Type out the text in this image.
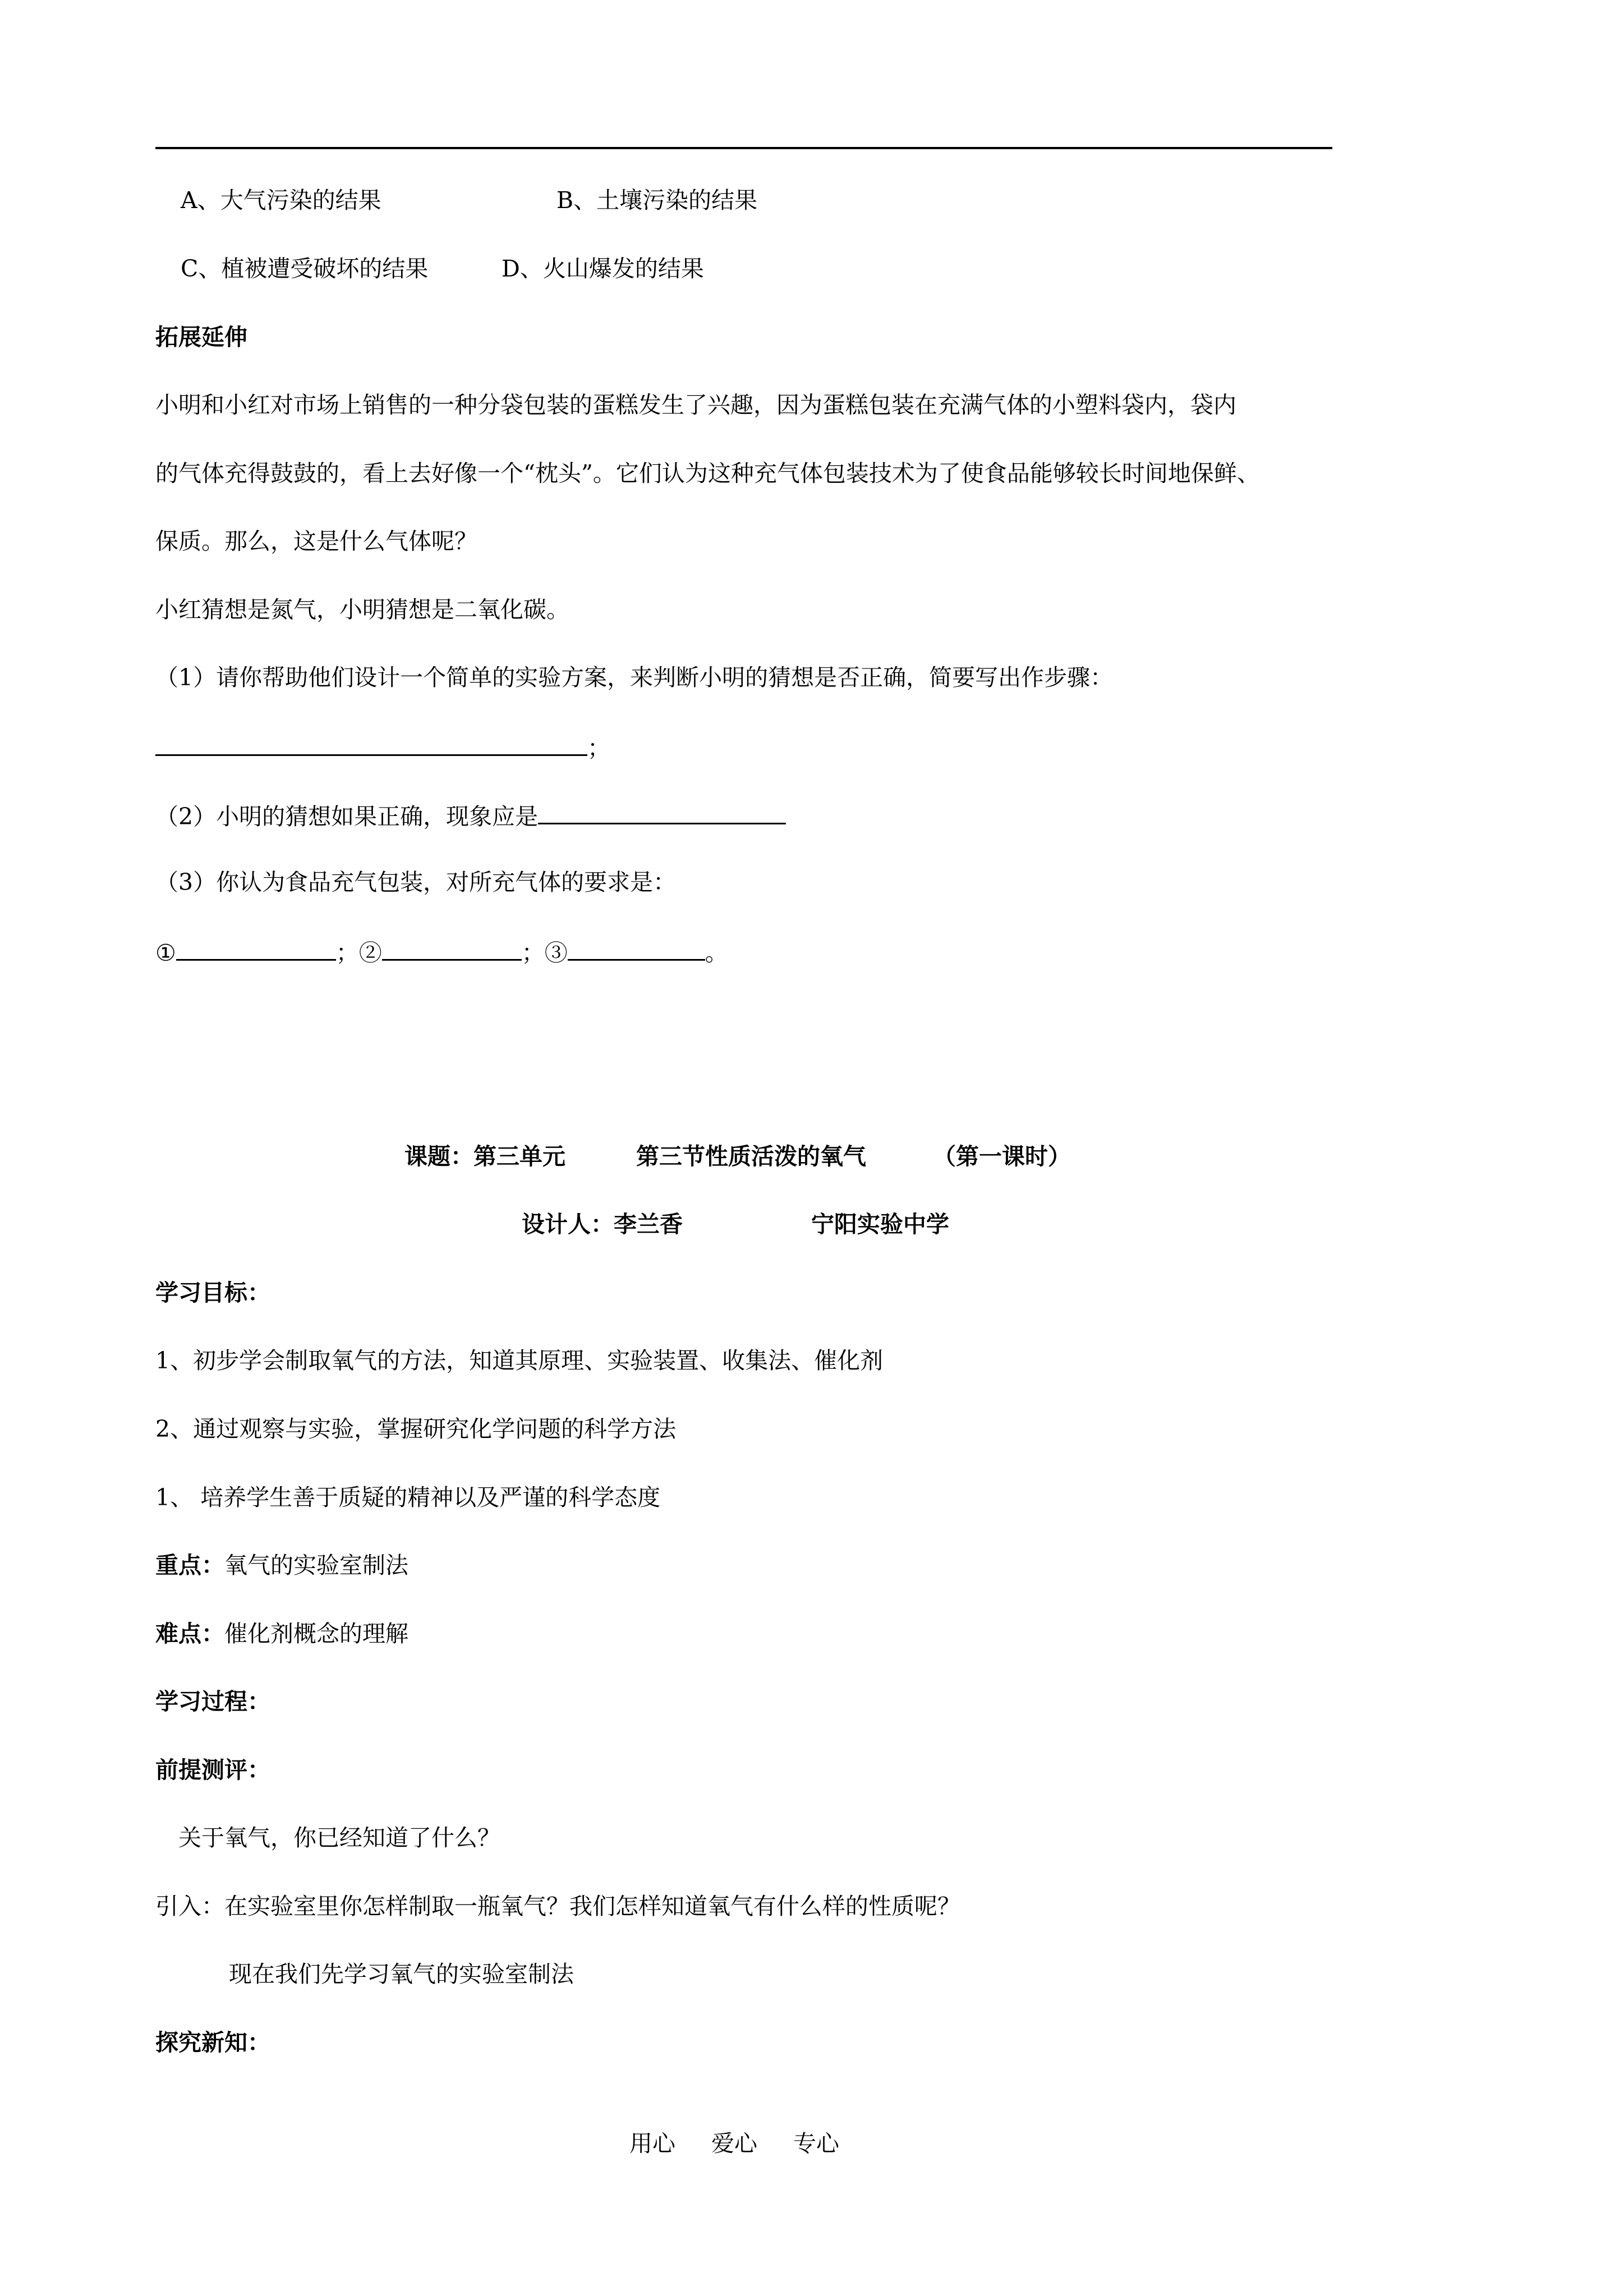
A、大气污染的结果	B、土壤污染的结果
C、植被遭受破坏的结果	D、火山爆发的结果
拓展延伸
小明和小红对市场上销售的一种分袋包装的蛋糕发生了兴趣，因为蛋糕包装在充满气体的小塑料袋内，袋内
的气体充得鼓鼓的，看上去好像一个“枕头”。它们认为这种充气体包装技术为了使食品能够较长时间地保鲜、
保质。那么，这是什么气体呢？
小红猜想是氮气，小明猜想是二氧化碳。
（1）请你帮助他们设计一个简单的实验方案，来判断小明的猜想是否正确，简要写出作步骤：
；
（2）小明的猜想如果正确，现象应是
（3）你认为食品充气包装，对所充气体的要求是：
①	；②	；③	。
课题：第三单元	第三节性质活泼的氧气	（第一课时）
设计人：李兰香	宁阳实验中学
学习目标：
1、初步学会制取氧气的方法，知道其原理、实验装置、收集法、催化剂
2、通过观察与实验，掌握研究化学问题的科学方法
1、 培养学生善于质疑的精神以及严谨的科学态度
重点：氧气的实验室制法
难点：催化剂概念的理解
学习过程：
前提测评：
关于氧气，你已经知道了什么？
引入：在实验室里你怎样制取一瓶氧气？我们怎样知道氧气有什么样的性质呢？
现在我们先学习氧气的实验室制法
探究新知：
用心 爱心 专心
